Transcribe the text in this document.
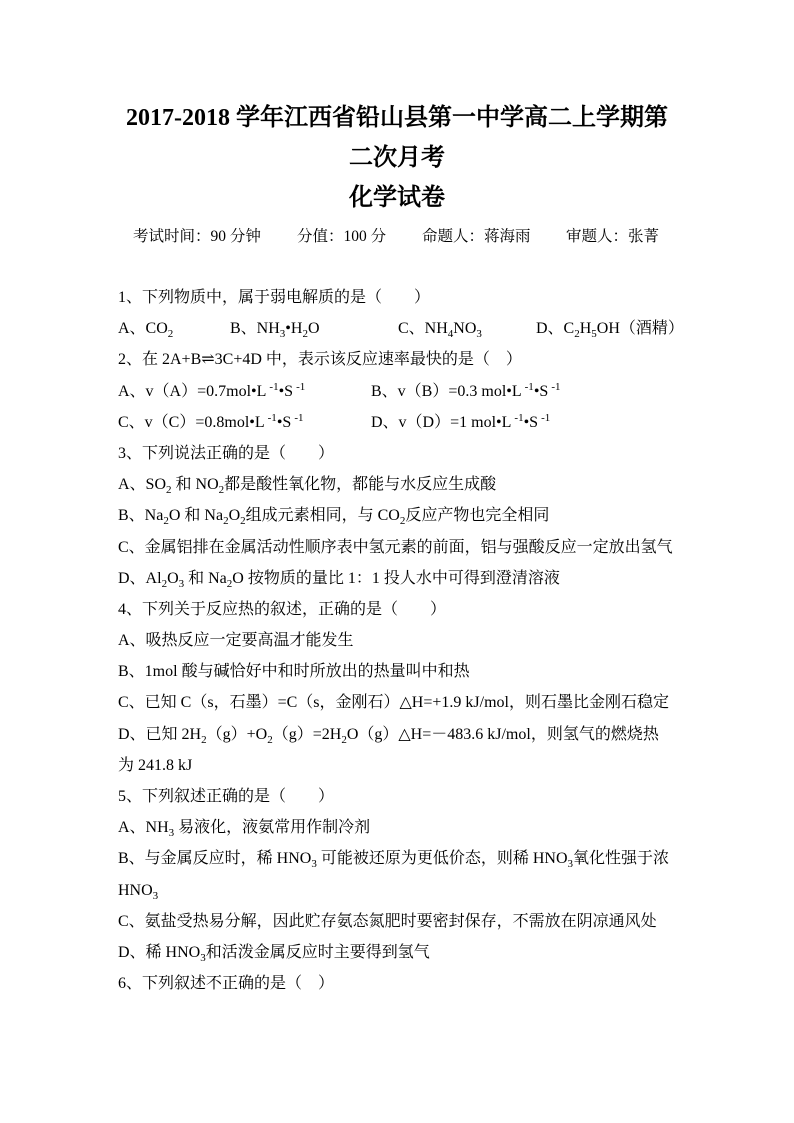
2017-2018 学年江西省铅山县第一中学高二上学期第
二次月考
化学试卷
考试时间：90 分钟 分值：100 分 命题人：蒋海雨 审题人：张菁
1、下列物质中，属于弱电解质的是（　　）
A、$CO_2$	B、$NH_3•H_2O$	C、$NH_4NO_3$	D、$C_2H_5OH$（酒精）
2、在 2A+B⇌3C+4D 中，表示该反应速率最快的是（　）
A、v（A）=0.7mol•L $^{-1}$•S $^{-1}$	B、v（B）=0.3 mol•L $^{-1}$•S $^{-1}$
C、v（C）=0.8mol•L $^{-1}$•S $^{-1}$	D、v（D）=1 mol•L $^{-1}$•S $^{-1}$
3、下列说法正确的是（　　）
A、$SO_2$ 和 $NO_2$都是酸性氧化物，都能与水反应生成酸
B、$Na_2O$ 和 $Na_2O_2$组成元素相同，与 $CO_2$反应产物也完全相同
C、金属铝排在金属活动性顺序表中氢元素的前面，铝与强酸反应一定放出氢气
D、$Al_2O_3$ 和 $Na_2O$ 按物质的量比 1：1 投人水中可得到澄清溶液
4、下列关于反应热的叙述，正确的是（　　）
A、吸热反应一定要高温才能发生
B、1mol 酸与碱恰好中和时所放出的热量叫中和热
C、已知 C（s，石墨）=C（s，金刚石）△H=+1.9 kJ/mol，则石墨比金刚石稳定
D、已知 $2H_2(g)+O_2(g)=2H_2O(g)\triangle H=-483.6$ kJ/mol，则氢气的燃烧热
为 241.8 kJ
5、下列叙述正确的是（　　）
A、$NH_3$ 易液化，液氨常用作制冷剂
B、与金属反应时，稀 $HNO_3$ 可能被还原为更低价态，则稀 $HNO_3$氧化性强于浓
$HNO_3$
C、氨盐受热易分解，因此贮存氨态氮肥时要密封保存，不需放在阴凉通风处
D、稀 $HNO_3$和活泼金属反应时主要得到氢气
6、下列叙述不正确的是（　）
